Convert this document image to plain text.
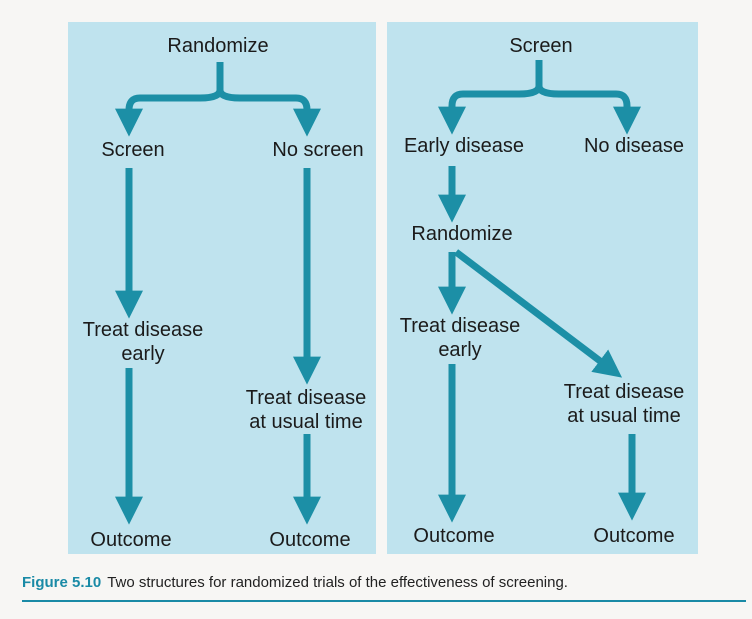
Randomize
Screen	No screen
Treat disease
early
Treat disease
at usual time
Outcome	Outcome
Screen
Early disease	No disease
Randomize
Treat disease
early
Treat disease
at usual time
Outcome	Outcome
Figure 5.10 Two structures for randomized trials of the effectiveness of screening.
